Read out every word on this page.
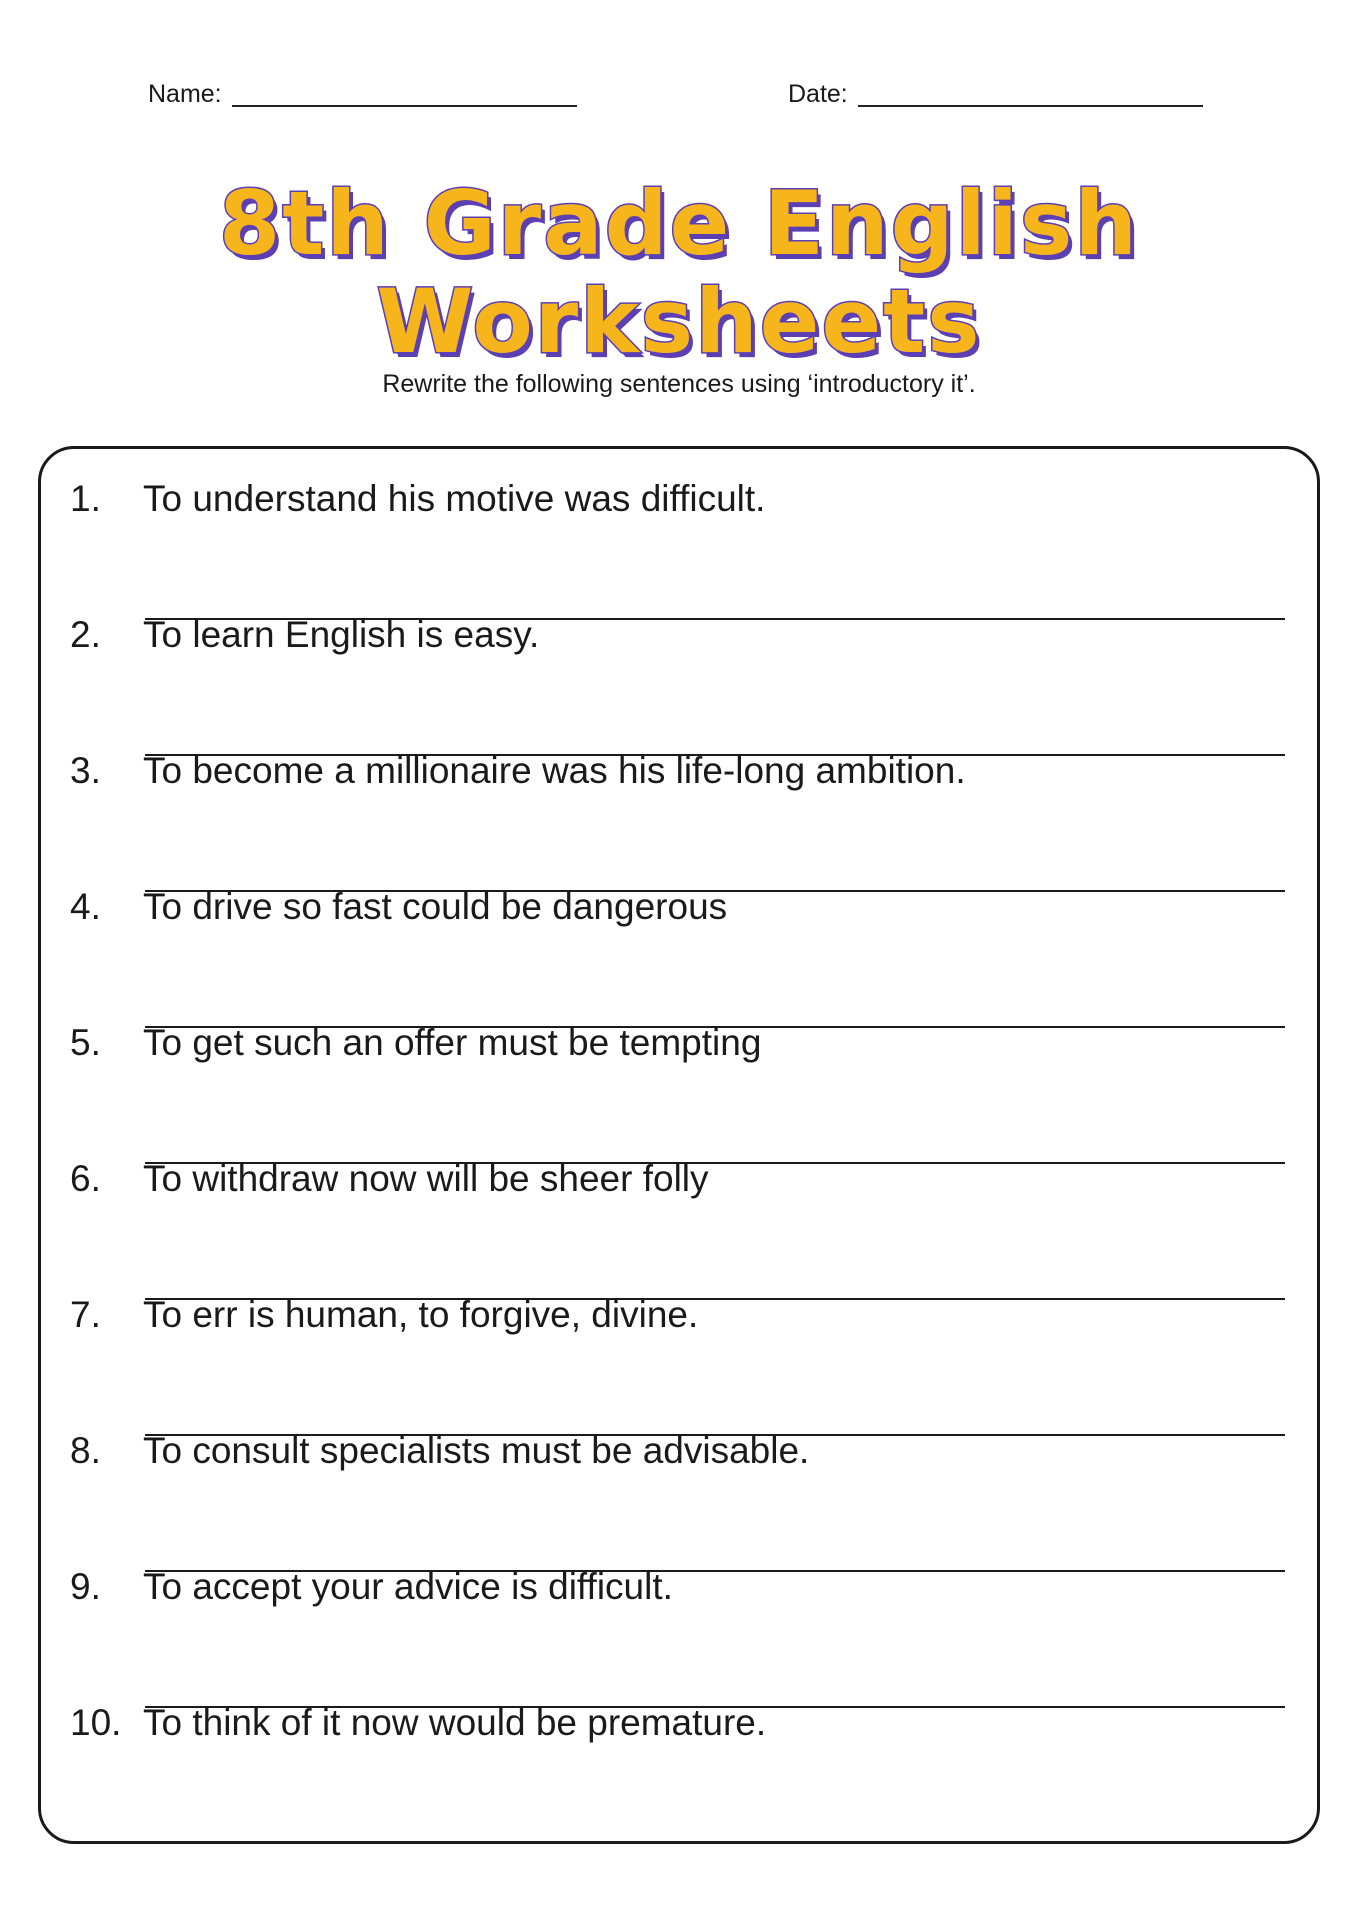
Name:	Date:
8th Grade English
Worksheets
Rewrite the following sentences using ‘introductory it’.
1. To understand his motive was difficult.
2. To learn English is easy.
3. To become a millionaire was his life-long ambition.
4. To drive so fast could be dangerous
5. To get such an offer must be tempting
6. To withdraw now will be sheer folly
7. To err is human, to forgive, divine.
8. To consult specialists must be advisable.
9. To accept your advice is difficult.
10. To think of it now would be premature.
